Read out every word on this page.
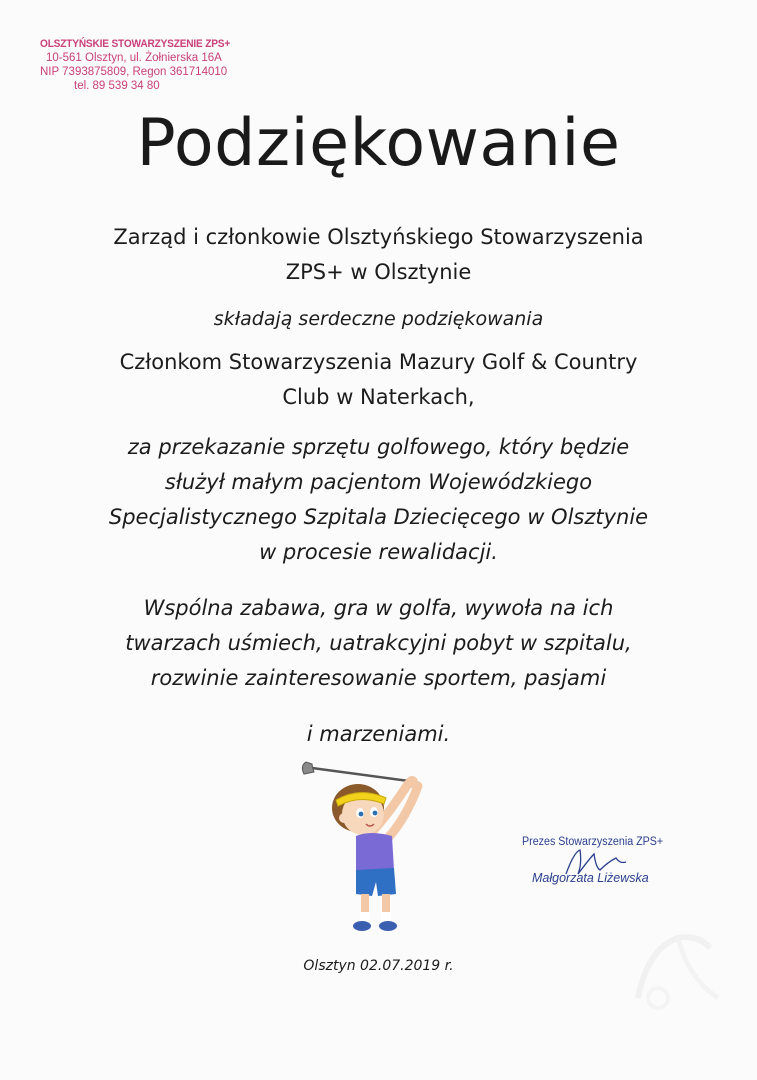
OLSZTYŃSKIE STOWARZYSZENIE ZPS+
10-561 Olsztyn, ul. Żołnierska 16A
NIP 7393875809, Regon 361714010
tel. 89 539 34 80
Podziękowanie
Zarząd i członkowie Olsztyńskiego Stowarzyszenia
ZPS+ w Olsztynie
składają serdeczne podziękowania
Członkom Stowarzyszenia Mazury Golf & Country
Club w Naterkach,
za przekazanie sprzętu golfowego, który będzie
służył małym pacjentom Wojewódzkiego
Specjalistycznego Szpitala Dziecięcego w Olsztynie
w procesie rewalidacji.
Wspólna zabawa, gra w golfa, wywoła na ich
twarzach uśmiech, uatrakcyjni pobyt w szpitalu,
rozwinie zainteresowanie sportem, pasjami
i marzeniami.
Prezes Stowarzyszenia ZPS+
Małgorzata Liżewska
Olsztyn 02.07.2019 r.
